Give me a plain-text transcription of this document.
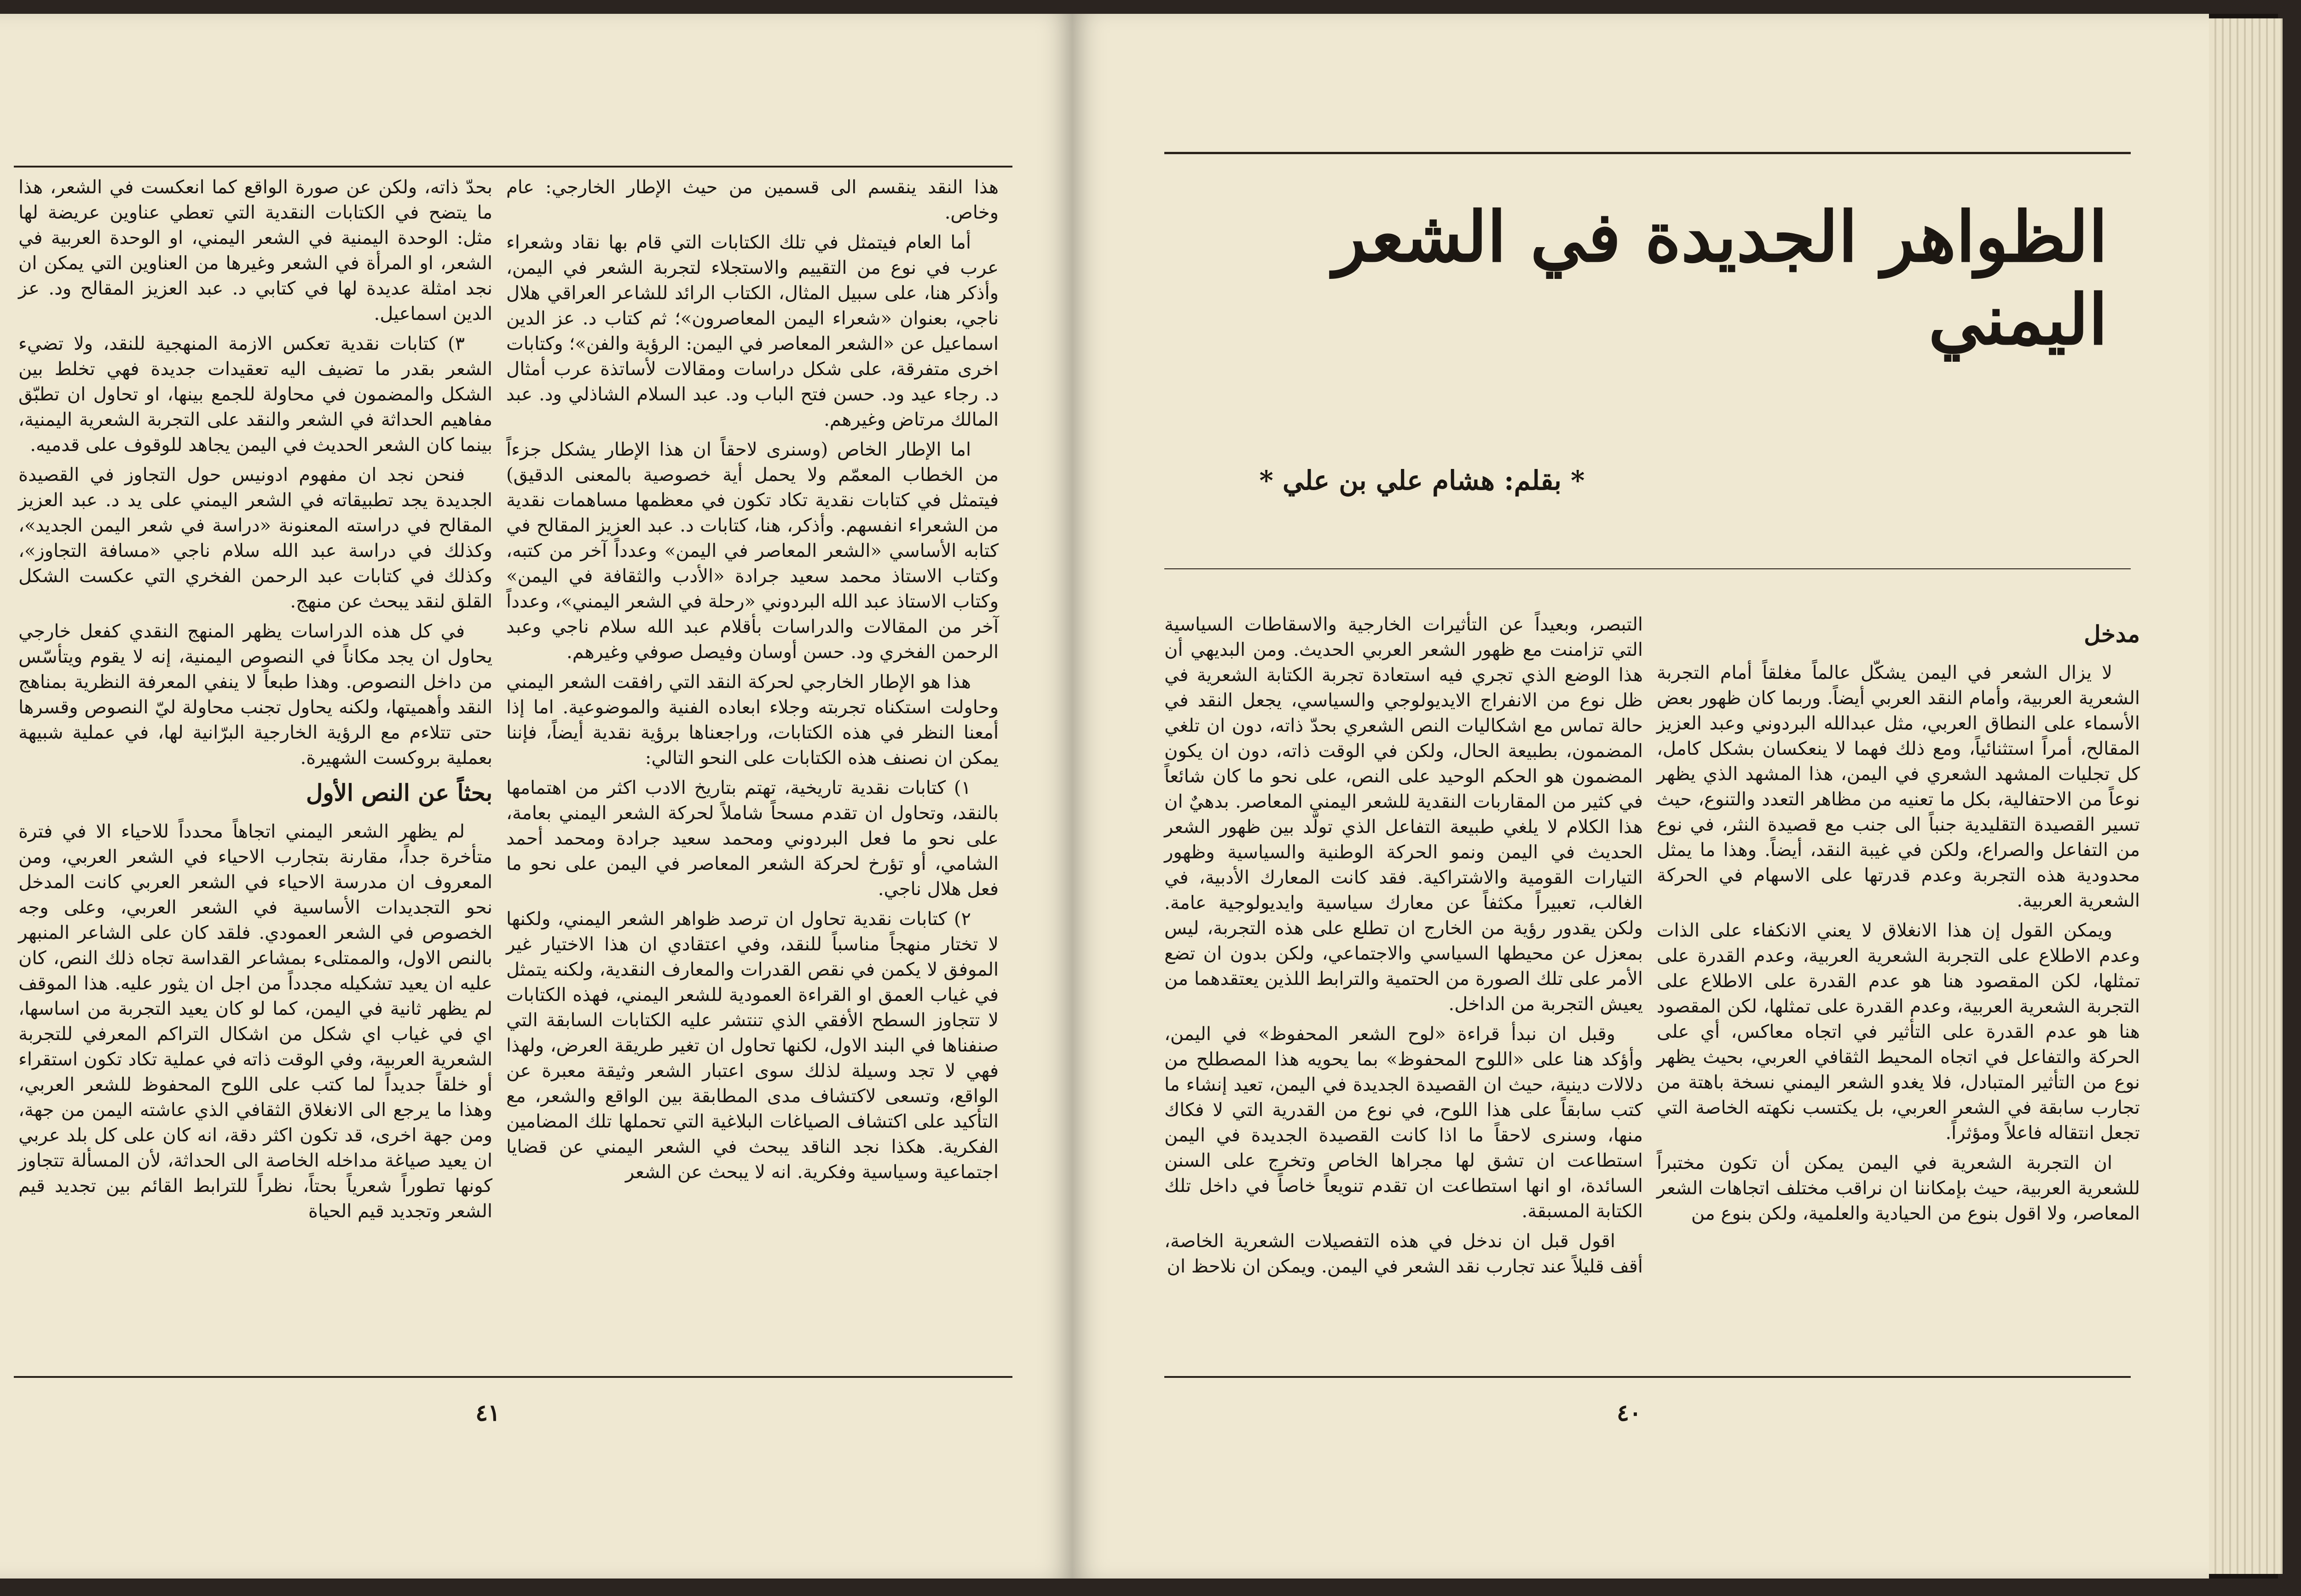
هذا النقد ينقسم الى قسمين من حيث الإطار الخارجي: عام وخاص.

أما العام فيتمثل في تلك الكتابات التي قام بها نقاد وشعراء عرب في نوع من التقييم والاستجلاء لتجربة الشعر في اليمن، وأذكر هنا، على سبيل المثال، الكتاب الرائد للشاعر العراقي هلال ناجي، بعنوان «شعراء اليمن المعاصرون»؛ ثم كتاب د. عز الدين اسماعيل عن «الشعر المعاصر في اليمن: الرؤية والفن»؛ وكتابات اخرى متفرقة، على شكل دراسات ومقالات لأساتذة عرب أمثال د. رجاء عيد ود. حسن فتح الباب ود. عبد السلام الشاذلي ود. عبد المالك مرتاض وغيرهم.

اما الإطار الخاص (وسنرى لاحقاً ان هذا الإطار يشكل جزءاً من الخطاب المعمّم ولا يحمل أية خصوصية بالمعنى الدقيق) فيتمثل في كتابات نقدية تكاد تكون في معظمها مساهمات نقدية من الشعراء انفسهم. وأذكر، هنا، كتابات د. عبد العزيز المقالح في كتابه الأساسي «الشعر المعاصر في اليمن» وعدداً آخر من كتبه، وكتاب الاستاذ محمد سعيد جرادة «الأدب والثقافة في اليمن» وكتاب الاستاذ عبد الله البردوني «رحلة في الشعر اليمني»، وعدداً آخر من المقالات والدراسات بأقلام عبد الله سلام ناجي وعبد الرحمن الفخري ود. حسن أوسان وفيصل صوفي وغيرهم.

هذا هو الإطار الخارجي لحركة النقد التي رافقت الشعر اليمني وحاولت استكناه تجربته وجلاء ابعاده الفنية والموضوعية. اما إذا أمعنا النظر في هذه الكتابات، وراجعناها برؤية نقدية أيضاً، فإننا يمكن ان نصنف هذه الكتابات على النحو التالي:

١) كتابات نقدية تاريخية، تهتم بتاريخ الادب اكثر من اهتمامها بالنقد، وتحاول ان تقدم مسحاً شاملاً لحركة الشعر اليمني بعامة، على نحو ما فعل البردوني ومحمد سعيد جرادة ومحمد أحمد الشامي، أو تؤرخ لحركة الشعر المعاصر في اليمن على نحو ما فعل هلال ناجي.

٢) كتابات نقدية تحاول ان ترصد ظواهر الشعر اليمني، ولكنها لا تختار منهجاً مناسباً للنقد، وفي اعتقادي ان هذا الاختيار غير الموفق لا يكمن في نقص القدرات والمعارف النقدية، ولكنه يتمثل في غياب العمق او القراءة العمودية للشعر اليمني، فهذه الكتابات لا تتجاوز السطح الأفقي الذي تنتشر عليه الكتابات السابقة التي صنفناها في البند الاول، لكنها تحاول ان تغير طريقة العرض، ولهذا فهي لا تجد وسيلة لذلك سوى اعتبار الشعر وثيقة معبرة عن الواقع، وتسعى لاكتشاف مدى المطابقة بين الواقع والشعر، مع التأكيد على اكتشاف الصياغات البلاغية التي تحملها تلك المضامين الفكرية. هكذا نجد الناقد يبحث في الشعر اليمني عن قضايا اجتماعية وسياسية وفكرية. انه لا يبحث عن الشعر

بحدّ ذاته، ولكن عن صورة الواقع كما انعكست في الشعر، هذا ما يتضح في الكتابات النقدية التي تعطي عناوين عريضة لها مثل: الوحدة اليمنية في الشعر اليمني، او الوحدة العربية في الشعر، او المرأة في الشعر وغيرها من العناوين التي يمكن ان نجد امثلة عديدة لها في كتابي د. عبد العزيز المقالح ود. عز الدين اسماعيل.

٣) كتابات نقدية تعكس الازمة المنهجية للنقد، ولا تضيء الشعر بقدر ما تضيف اليه تعقيدات جديدة فهي تخلط بين الشكل والمضمون في محاولة للجمع بينها، او تحاول ان تطبّق مفاهيم الحداثة في الشعر والنقد على التجربة الشعرية اليمنية، بينما كان الشعر الحديث في اليمن يجاهد للوقوف على قدميه.

فنحن نجد ان مفهوم ادونيس حول التجاوز في القصيدة الجديدة يجد تطبيقاته في الشعر اليمني على يد د. عبد العزيز المقالح في دراسته المعنونة «دراسة في شعر اليمن الجديد»، وكذلك في دراسة عبد الله سلام ناجي «مسافة التجاوز»، وكذلك في كتابات عبد الرحمن الفخري التي عكست الشكل القلق لنقد يبحث عن منهج.

في كل هذه الدراسات يظهر المنهج النقدي كفعل خارجي يحاول ان يجد مكاناً في النصوص اليمنية، إنه لا يقوم ويتأسّس من داخل النصوص. وهذا طبعاً لا ينفي المعرفة النظرية بمناهج النقد وأهميتها، ولكنه يحاول تجنب محاولة ليّ النصوص وقسرها حتى تتلاءم مع الرؤية الخارجية البرّانية لها، في عملية شبيهة بعملية بروكست الشهيرة.

بحثاً عن النص الأول

لم يظهر الشعر اليمني اتجاهاً محدداً للاحياء الا في فترة متأخرة جداً، مقارنة بتجارب الاحياء في الشعر العربي، ومن المعروف ان مدرسة الاحياء في الشعر العربي كانت المدخل نحو التجديدات الأساسية في الشعر العربي، وعلى وجه الخصوص في الشعر العمودي. فلقد كان على الشاعر المنبهر بالنص الاول، والممتلىء بمشاعر القداسة تجاه ذلك النص، كان عليه ان يعيد تشكيله مجدداً من اجل ان يثور عليه. هذا الموقف لم يظهر ثانية في اليمن، كما لو كان يعيد التجربة من اساسها، اي في غياب اي شكل من اشكال التراكم المعرفي للتجربة الشعرية العربية، وفي الوقت ذاته في عملية تكاد تكون استقراء أو خلقاً جديداً لما كتب على اللوح المحفوظ للشعر العربي، وهذا ما يرجع الى الانغلاق الثقافي الذي عاشته اليمن من جهة، ومن جهة اخرى، قد تكون اكثر دقة، انه كان على كل بلد عربي ان يعيد صياغة مداخله الخاصة الى الحداثة، لأن المسألة تتجاوز كونها تطوراً شعرياً بحتاً، نظراً للترابط القائم بين تجديد قيم الشعر وتجديد قيم الحياة

٤١
الظواهر الجديدة في الشعر اليمني
* بقلم: هشام علي بن علي *
مدخل

لا يزال الشعر في اليمن يشكّل عالماً مغلقاً أمام التجربة الشعرية العربية، وأمام النقد العربي أيضاً. وربما كان ظهور بعض الأسماء على النطاق العربي، مثل عبدالله البردوني وعبد العزيز المقالح، أمراً استثنائياً، ومع ذلك فهما لا ينعكسان بشكل كامل، كل تجليات المشهد الشعري في اليمن، هذا المشهد الذي يظهر نوعاً من الاحتفالية، بكل ما تعنيه من مظاهر التعدد والتنوع، حيث تسير القصيدة التقليدية جنباً الى جنب مع قصيدة النثر، في نوع من التفاعل والصراع، ولكن في غيبة النقد، أيضاً. وهذا ما يمثل محدودية هذه التجربة وعدم قدرتها على الاسهام في الحركة الشعرية العربية.

ويمكن القول إن هذا الانغلاق لا يعني الانكفاء على الذات وعدم الاطلاع على التجربة الشعرية العربية، وعدم القدرة على تمثلها، لكن المقصود هنا هو عدم القدرة على الاطلاع على التجربة الشعرية العربية، وعدم القدرة على تمثلها، لكن المقصود هنا هو عدم القدرة على التأثير في اتجاه معاكس، أي على الحركة والتفاعل في اتجاه المحيط الثقافي العربي، بحيث يظهر نوع من التأثير المتبادل، فلا يغدو الشعر اليمني نسخة باهتة من تجارب سابقة في الشعر العربي، بل يكتسب نكهته الخاصة التي تجعل انتقاله فاعلاً ومؤثراً.

ان التجربة الشعرية في اليمن يمكن أن تكون مختبراً للشعرية العربية، حيث بإمكاننا ان نراقب مختلف اتجاهات الشعر المعاصر، ولا اقول بنوع من الحيادية والعلمية، ولكن بنوع من

التبصر، وبعيداً عن التأثيرات الخارجية والاسقاطات السياسية التي تزامنت مع ظهور الشعر العربي الحديث. ومن البديهي أن هذا الوضع الذي تجري فيه استعادة تجربة الكتابة الشعرية في ظل نوع من الانفراج الايديولوجي والسياسي، يجعل النقد في حالة تماس مع اشكاليات النص الشعري بحدّ ذاته، دون ان تلغي المضمون، بطبيعة الحال، ولكن في الوقت ذاته، دون ان يكون المضمون هو الحكم الوحيد على النص، على نحو ما كان شائعاً في كثير من المقاربات النقدية للشعر اليمني المعاصر. بدهيٌ ان هذا الكلام لا يلغي طبيعة التفاعل الذي تولّد بين ظهور الشعر الحديث في اليمن ونمو الحركة الوطنية والسياسية وظهور التيارات القومية والاشتراكية. فقد كانت المعارك الأدبية، في الغالب، تعبيراً مكثفاً عن معارك سياسية وايديولوجية عامة. ولكن يقدور رؤية من الخارج ان تطلع على هذه التجربة، ليس بمعزل عن محيطها السياسي والاجتماعي، ولكن بدون ان تضع الأمر على تلك الصورة من الحتمية والترابط اللذين يعتقدهما من يعيش التجربة من الداخل.

وقبل ان نبدأ قراءة «لوح الشعر المحفوظ» في اليمن، وأؤكد هنا على «اللوح المحفوظ» بما يحويه هذا المصطلح من دلالات دينية، حيث ان القصيدة الجديدة في اليمن، تعيد إنشاء ما كتب سابقاً على هذا اللوح، في نوع من القدرية التي لا فكاك منها، وسنرى لاحقاً ما اذا كانت القصيدة الجديدة في اليمن استطاعت ان تشق لها مجراها الخاص وتخرج على السنن السائدة، او انها استطاعت ان تقدم تنويعاً خاصاً في داخل تلك الكتابة المسبقة.

اقول قبل ان ندخل في هذه التفصيلات الشعرية الخاصة، أقف قليلاً عند تجارب نقد الشعر في اليمن. ويمكن ان نلاحظ ان

٤٠
